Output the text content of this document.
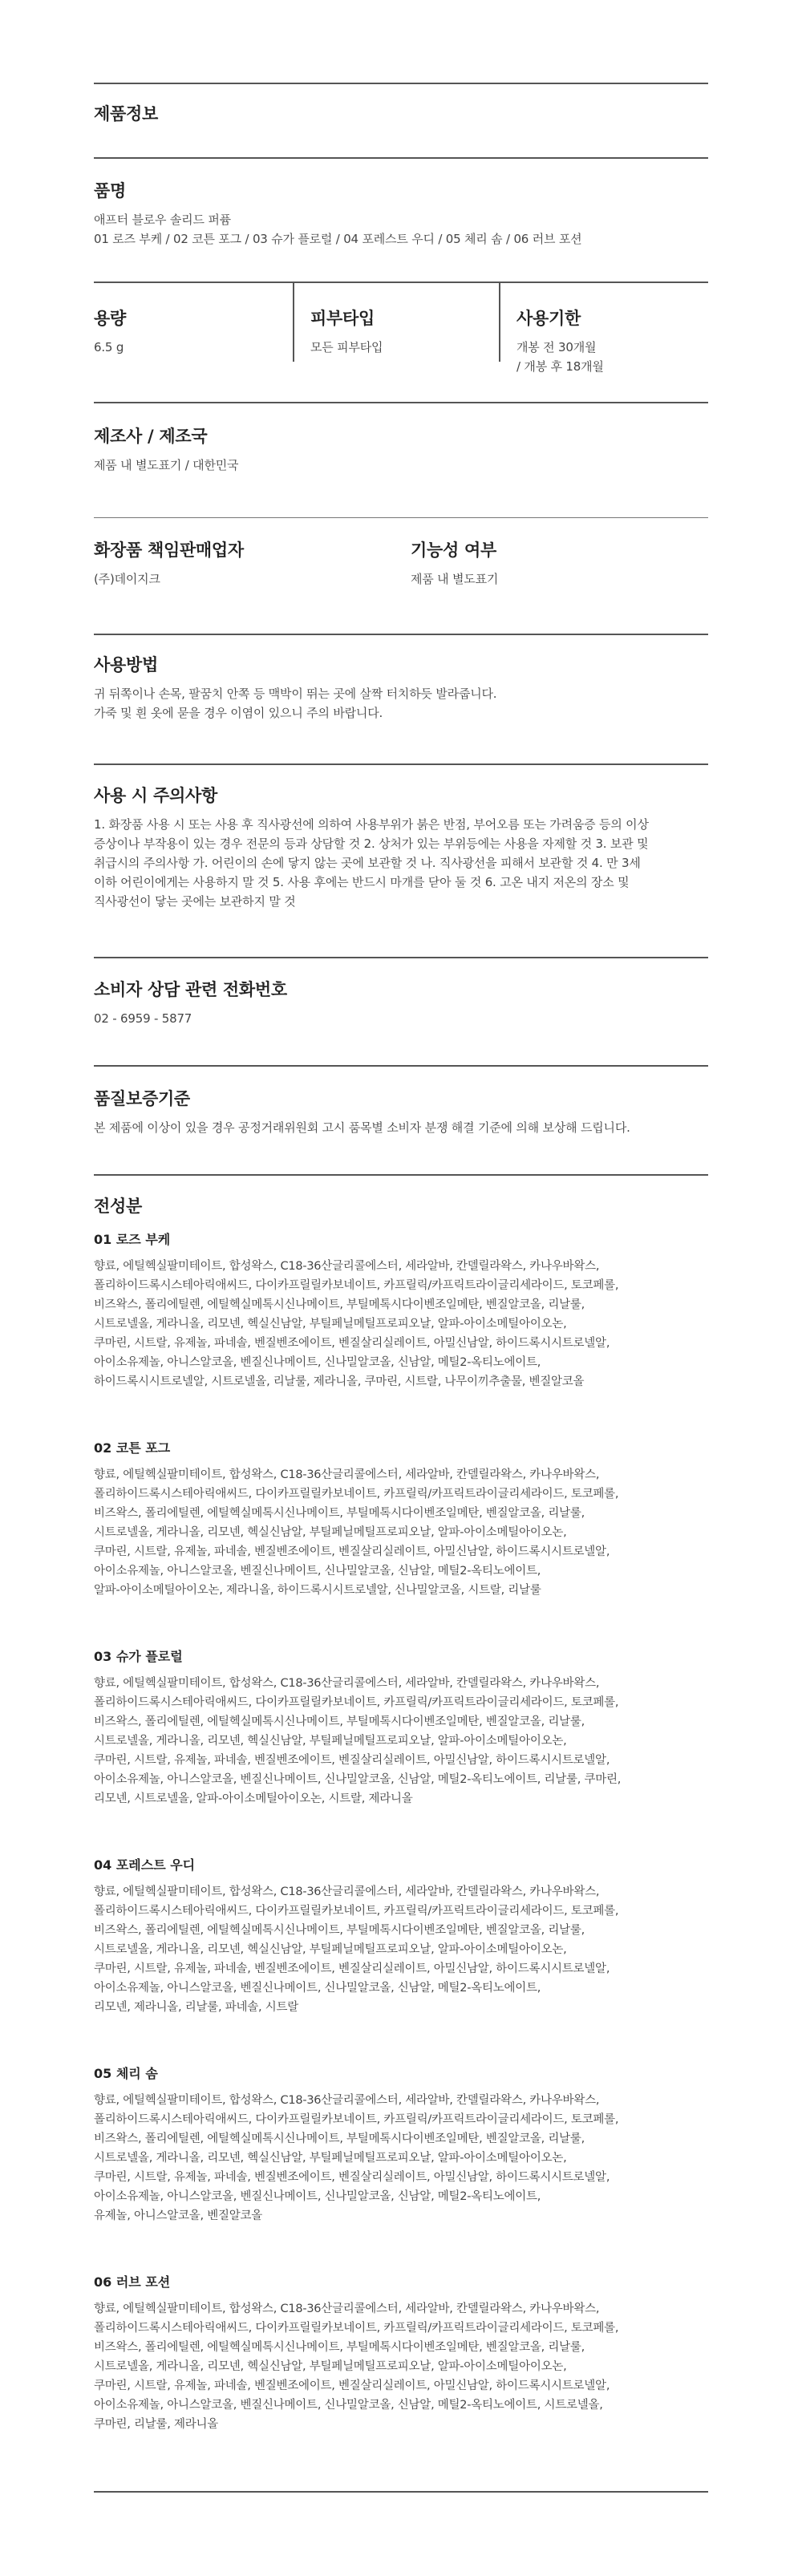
제품정보
품명

애프터 블로우 솔리드 퍼퓸

01 로즈 부케 / 02 코튼 포그 / 03 슈가 플로럴 / 04 포레스트 우디 / 05 체리 솜 / 06 러브 포션

용량

6.5 g

피부타입

모든 피부타입

사용기한

개봉 전 30개월

/ 개봉 후 18개월

제조사 / 제조국

제품 내 별도표기 / 대한민국

화장품 책임판매업자

(주)데이지크

기능성 여부

제품 내 별도표기

사용방법

귀 뒤쪽이나 손목, 팔꿈치 안쪽 등 맥박이 뛰는 곳에 살짝 터치하듯 발라줍니다.

가죽 및 흰 옷에 묻을 경우 이염이 있으니 주의 바랍니다.

사용 시 주의사항

1. 화장품 사용 시 또는 사용 후 직사광선에 의하여 사용부위가 붉은 반점, 부어오름 또는 가려움증 등의 이상

증상이나 부작용이 있는 경우 전문의 등과 상담할 것 2. 상처가 있는 부위등에는 사용을 자제할 것 3. 보관 및

취급시의 주의사항 가. 어린이의 손에 닿지 않는 곳에 보관할 것 나. 직사광선을 피해서 보관할 것 4. 만 3세

이하 어린이에게는 사용하지 말 것 5. 사용 후에는 반드시 마개를 닫아 둘 것 6. 고온 내지 저온의 장소 및

직사광선이 닿는 곳에는 보관하지 말 것

소비자 상담 관련 전화번호

02 - 6959 - 5877

품질보증기준

본 제품에 이상이 있을 경우 공정거래위원회 고시 품목별 소비자 분쟁 해결 기준에 의해 보상해 드립니다.

전성분

01 로즈 부케

향료, 에틸헥실팔미테이트, 합성왁스, C18-36산글리콜에스터, 세라알바, 칸델릴라왁스, 카나우바왁스,

폴리하이드록시스테아릭애씨드, 다이카프릴릴카보네이트, 카프릴릭/카프릭트라이글리세라이드, 토코페롤,

비즈왁스, 폴리에틸렌, 에틸헥실메톡시신나메이트, 부틸메톡시다이벤조일메탄, 벤질알코올, 리날룰,

시트로넬올, 게라니올, 리모넨, 헥실신남알, 부틸페닐메틸프로피오날, 알파-아이소메틸아이오논,

쿠마린, 시트랄, 유제놀, 파네솔, 벤질벤조에이트, 벤질살리실레이트, 아밀신남알, 하이드록시시트로넬알,

아이소유제놀, 아니스알코올, 벤질신나메이트, 신나밀알코올, 신남알, 메틸2-옥티노에이트,

하이드록시시트로넬알, 시트로넬올, 리날룰, 제라니올, 쿠마린, 시트랄, 나무이끼추출물, 벤질알코올

02 코튼 포그

향료, 에틸헥실팔미테이트, 합성왁스, C18-36산글리콜에스터, 세라알바, 칸델릴라왁스, 카나우바왁스,

폴리하이드록시스테아릭애씨드, 다이카프릴릴카보네이트, 카프릴릭/카프릭트라이글리세라이드, 토코페롤,

비즈왁스, 폴리에틸렌, 에틸헥실메톡시신나메이트, 부틸메톡시다이벤조일메탄, 벤질알코올, 리날룰,

시트로넬올, 게라니올, 리모넨, 헥실신남알, 부틸페닐메틸프로피오날, 알파-아이소메틸아이오논,

쿠마린, 시트랄, 유제놀, 파네솔, 벤질벤조에이트, 벤질살리실레이트, 아밀신남알, 하이드록시시트로넬알,

아이소유제놀, 아니스알코올, 벤질신나메이트, 신나밀알코올, 신남알, 메틸2-옥티노에이트,

알파-아이소메틸아이오논, 제라니올, 하이드록시시트로넬알, 신나밀알코올, 시트랄, 리날룰

03 슈가 플로럴

향료, 에틸헥실팔미테이트, 합성왁스, C18-36산글리콜에스터, 세라알바, 칸델릴라왁스, 카나우바왁스,

폴리하이드록시스테아릭애씨드, 다이카프릴릴카보네이트, 카프릴릭/카프릭트라이글리세라이드, 토코페롤,

비즈왁스, 폴리에틸렌, 에틸헥실메톡시신나메이트, 부틸메톡시다이벤조일메탄, 벤질알코올, 리날룰,

시트로넬올, 게라니올, 리모넨, 헥실신남알, 부틸페닐메틸프로피오날, 알파-아이소메틸아이오논,

쿠마린, 시트랄, 유제놀, 파네솔, 벤질벤조에이트, 벤질살리실레이트, 아밀신남알, 하이드록시시트로넬알,

아이소유제놀, 아니스알코올, 벤질신나메이트, 신나밀알코올, 신남알, 메틸2-옥티노에이트, 리날룰, 쿠마린,

리모넨, 시트로넬올, 알파-아이소메틸아이오논, 시트랄, 제라니올

04 포레스트 우디

향료, 에틸헥실팔미테이트, 합성왁스, C18-36산글리콜에스터, 세라알바, 칸델릴라왁스, 카나우바왁스,

폴리하이드록시스테아릭애씨드, 다이카프릴릴카보네이트, 카프릴릭/카프릭트라이글리세라이드, 토코페롤,

비즈왁스, 폴리에틸렌, 에틸헥실메톡시신나메이트, 부틸메톡시다이벤조일메탄, 벤질알코올, 리날룰,

시트로넬올, 게라니올, 리모넨, 헥실신남알, 부틸페닐메틸프로피오날, 알파-아이소메틸아이오논,

쿠마린, 시트랄, 유제놀, 파네솔, 벤질벤조에이트, 벤질살리실레이트, 아밀신남알, 하이드록시시트로넬알,

아이소유제놀, 아니스알코올, 벤질신나메이트, 신나밀알코올, 신남알, 메틸2-옥티노에이트,

리모넨, 제라니올, 리날룰, 파네솔, 시트랄

05 체리 솜

향료, 에틸헥실팔미테이트, 합성왁스, C18-36산글리콜에스터, 세라알바, 칸델릴라왁스, 카나우바왁스,

폴리하이드록시스테아릭애씨드, 다이카프릴릴카보네이트, 카프릴릭/카프릭트라이글리세라이드, 토코페롤,

비즈왁스, 폴리에틸렌, 에틸헥실메톡시신나메이트, 부틸메톡시다이벤조일메탄, 벤질알코올, 리날룰,

시트로넬올, 게라니올, 리모넨, 헥실신남알, 부틸페닐메틸프로피오날, 알파-아이소메틸아이오논,

쿠마린, 시트랄, 유제놀, 파네솔, 벤질벤조에이트, 벤질살리실레이트, 아밀신남알, 하이드록시시트로넬알,

아이소유제놀, 아니스알코올, 벤질신나메이트, 신나밀알코올, 신남알, 메틸2-옥티노에이트,

유제놀, 아니스알코올, 벤질알코올

06 러브 포션

향료, 에틸헥실팔미테이트, 합성왁스, C18-36산글리콜에스터, 세라알바, 칸델릴라왁스, 카나우바왁스,

폴리하이드록시스테아릭애씨드, 다이카프릴릴카보네이트, 카프릴릭/카프릭트라이글리세라이드, 토코페롤,

비즈왁스, 폴리에틸렌, 에틸헥실메톡시신나메이트, 부틸메톡시다이벤조일메탄, 벤질알코올, 리날룰,

시트로넬올, 게라니올, 리모넨, 헥실신남알, 부틸페닐메틸프로피오날, 알파-아이소메틸아이오논,

쿠마린, 시트랄, 유제놀, 파네솔, 벤질벤조에이트, 벤질살리실레이트, 아밀신남알, 하이드록시시트로넬알,

아이소유제놀, 아니스알코올, 벤질신나메이트, 신나밀알코올, 신남알, 메틸2-옥티노에이트, 시트로넬올,

쿠마린, 리날룰, 제라니올
